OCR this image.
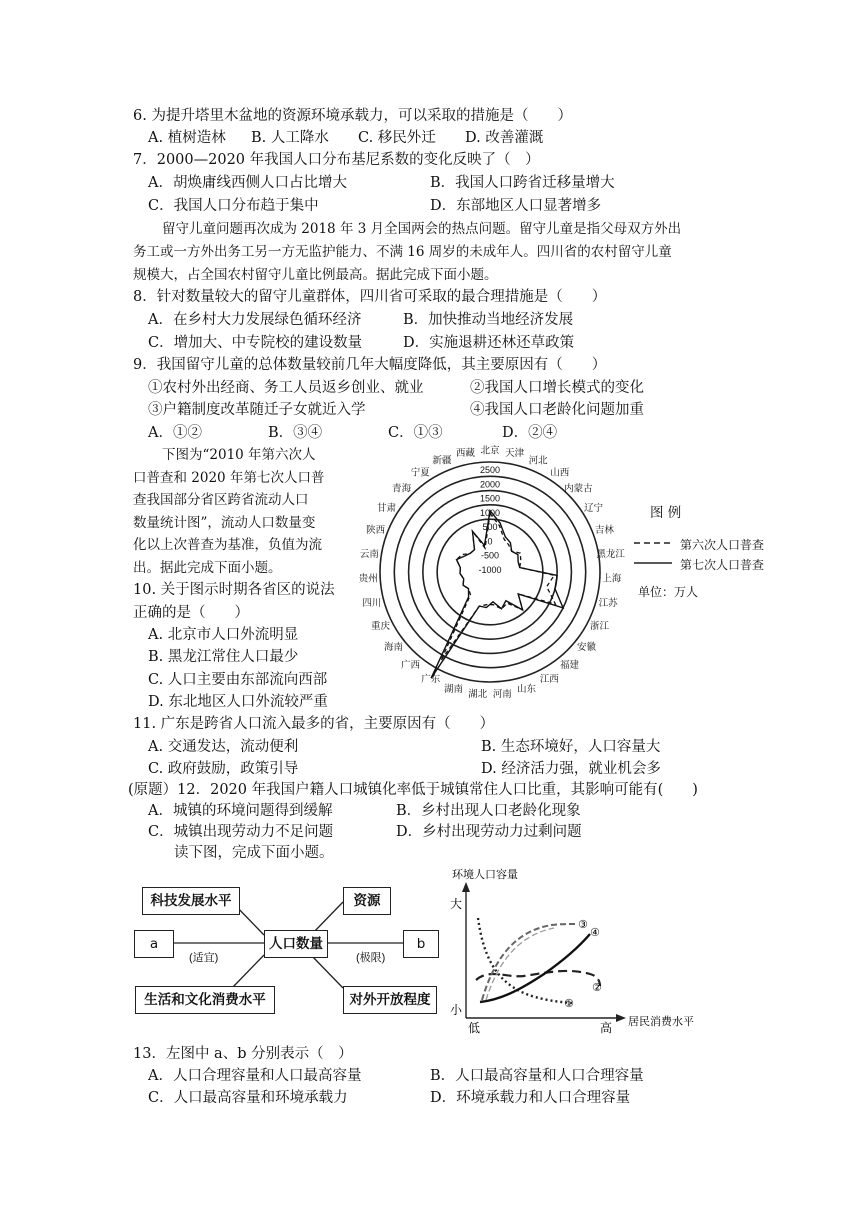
6. 为提升塔里木盆地的资源环境承载力，可以采取的措施是（　　）
A. 植树造林 B. 人工降水 C. 移民外迁 D. 改善灌溉
7．2000—2020 年我国人口分布基尼系数的变化反映了（　）
A．胡焕庸线西侧人口占比增大	B．我国人口跨省迁移量增大
C．我国人口分布趋于集中	D．东部地区人口显著增多
留守儿童问题再次成为 2018 年 3 月全国两会的热点问题。留守儿童是指父母双方外出
务工或一方外出务工另一方无监护能力、不满 16 周岁的未成年人。四川省的农村留守儿童
规模大，占全国农村留守儿童比例最高。据此完成下面小题。
8．针对数量较大的留守儿童群体，四川省可采取的最合理措施是（　　）
A．在乡村大力发展绿色循环经济	B．加快推动当地经济发展
C．增加大、中专院校的建设数量	D．实施退耕还林还草政策
9．我国留守儿童的总体数量较前几年大幅度降低，其主要原因有（　　）
①农村外出经商、务工人员返乡创业、就业	②我国人口增长模式的变化
③户籍制度改革随迁子女就近入学	④我国人口老龄化问题加重
A．①②	B．③④	C．①③	D．②④
下图为“2010 年第六次人
口普查和 2020 年第七次人口普
查我国部分省区跨省流动人口
数量统计图”，流动人口数量变
化以上次普查为基准，负值为流
出。据此完成下面小题。
10. 关于图示时期各省区的说法
正确的是（　　）
A. 北京市人口外流明显
B. 黑龙江常住人口最少
C. 人口主要由东部流向西部
D. 东北地区人口外流较严重
2500
2000
1500
1000
500
0
-500
-1000
北京 天津
河北
山西
内蒙古
辽宁
吉林
黑龙江
上海
江苏
浙江
安徽
福建
江西
山东
河南
湖北
湖南
广东
广西
海南
重庆
四川
贵州
云南
陕西
甘肃
青海
宁夏
新疆
西藏
图 例
第六次人口普查
第七次人口普查
单位：万人
11. 广东是跨省人口流入最多的省，主要原因有（　　）
A. 交通发达，流动便利	B. 生态环境好，人口容量大
C. 政府鼓励，政策引导	D. 经济活力强，就业机会多
(原题）12．2020 年我国户籍人口城镇化率低于城镇常住人口比重，其影响可能有(　　)
A．城镇的环境问题得到缓解	B．乡村出现人口老龄化现象
C．城镇出现劳动力不足问题	D．乡村出现劳动力过剩问题
读下图，完成下面小题。
科技发展水平	资源
a	人口数量	b
(适宜)	(极限)
生活和文化消费水平	对外开放程度
环境人口容量
大
小
低	高 居民消费水平
③
④
②
①
13．左图中 a、b 分别表示（　）
A．人口合理容量和人口最高容量	B．人口最高容量和人口合理容量
C．人口最高容量和环境承载力	D．环境承载力和人口合理容量
